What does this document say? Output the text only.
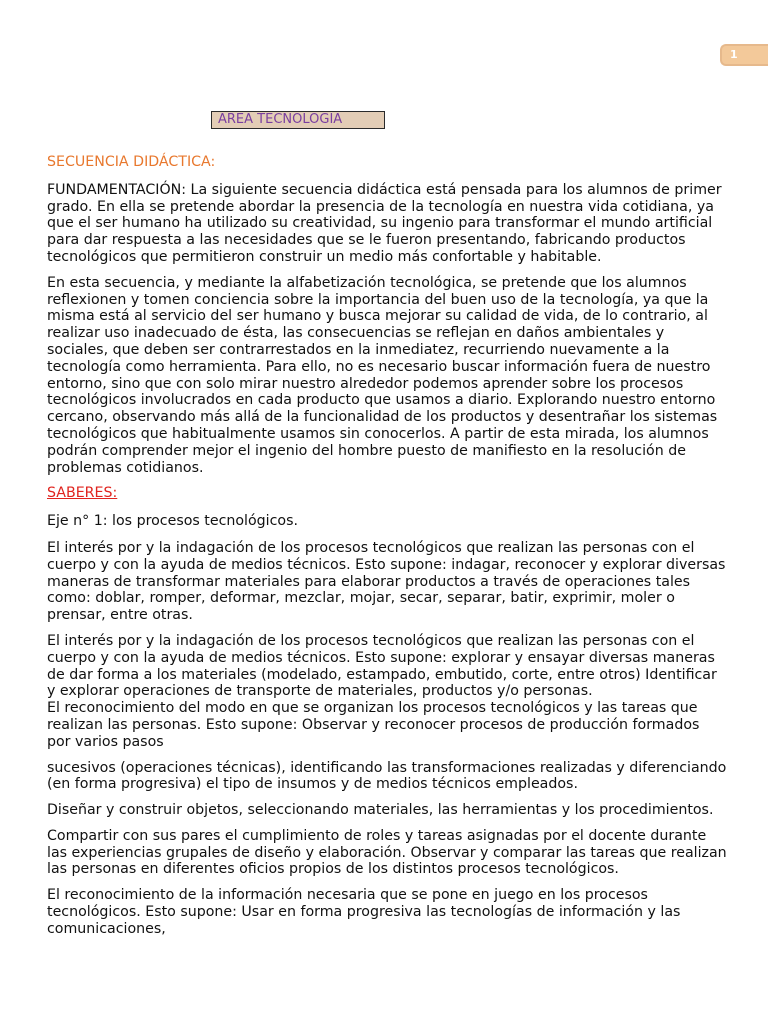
1
AREA TECNOLOGIA

SECUENCIA DIDÁCTICA:

FUNDAMENTACIÓN: La siguiente secuencia didáctica está pensada para los alumnos de primer grado. En ella se pretende abordar la presencia de la tecnología en nuestra vida cotidiana, ya que el ser humano ha utilizado su creatividad, su ingenio para transformar el mundo artificial para dar respuesta a las necesidades que se le fueron presentando, fabricando productos tecnológicos que permitieron construir un medio más confortable y habitable.

En esta secuencia, y mediante la alfabetización tecnológica, se pretende que los alumnos reflexionen y tomen conciencia sobre la importancia del buen uso de la tecnología, ya que la misma está al servicio del ser humano y busca mejorar su calidad de vida, de lo contrario, al realizar uso inadecuado de ésta, las consecuencias se reflejan en daños ambientales y sociales, que deben ser contrarrestados en la inmediatez, recurriendo nuevamente a la tecnología como herramienta. Para ello, no es necesario buscar información fuera de nuestro entorno, sino que con solo mirar nuestro alrededor podemos aprender sobre los procesos tecnológicos involucrados en cada producto que usamos a diario. Explorando nuestro entorno cercano, observando más allá de la funcionalidad de los productos y desentrañar los sistemas tecnológicos que habitualmente usamos sin conocerlos. A partir de esta mirada, los alumnos podrán comprender mejor el ingenio del hombre puesto de manifiesto en la resolución de problemas cotidianos.

SABERES:

Eje n° 1: los procesos tecnológicos.

El interés por y la indagación de los procesos tecnológicos que realizan las personas con el cuerpo y con la ayuda de medios técnicos. Esto supone: indagar, reconocer y explorar diversas maneras de transformar materiales para elaborar productos a través de operaciones tales como: doblar, romper, deformar, mezclar, mojar, secar, separar, batir, exprimir, moler o prensar, entre otras.

El interés por y la indagación de los procesos tecnológicos que realizan las personas con el cuerpo y con la ayuda de medios técnicos. Esto supone: explorar y ensayar diversas maneras de dar forma a los materiales (modelado, estampado, embutido, corte, entre otros) Identificar y explorar operaciones de transporte de materiales, productos y/o personas.

El reconocimiento del modo en que se organizan los procesos tecnológicos y las tareas que realizan las personas. Esto supone: Observar y reconocer procesos de producción formados por varios pasos

sucesivos (operaciones técnicas), identificando las transformaciones realizadas y diferenciando (en forma progresiva) el tipo de insumos y de medios técnicos empleados.

Diseñar y construir objetos, seleccionando materiales, las herramientas y los procedimientos.

Compartir con sus pares el cumplimiento de roles y tareas asignadas por el docente durante las experiencias grupales de diseño y elaboración. Observar y comparar las tareas que realizan las personas en diferentes oficios propios de los distintos procesos tecnológicos.

El reconocimiento de la información necesaria que se pone en juego en los procesos tecnológicos. Esto supone: Usar en forma progresiva las tecnologías de información y las comunicaciones,
